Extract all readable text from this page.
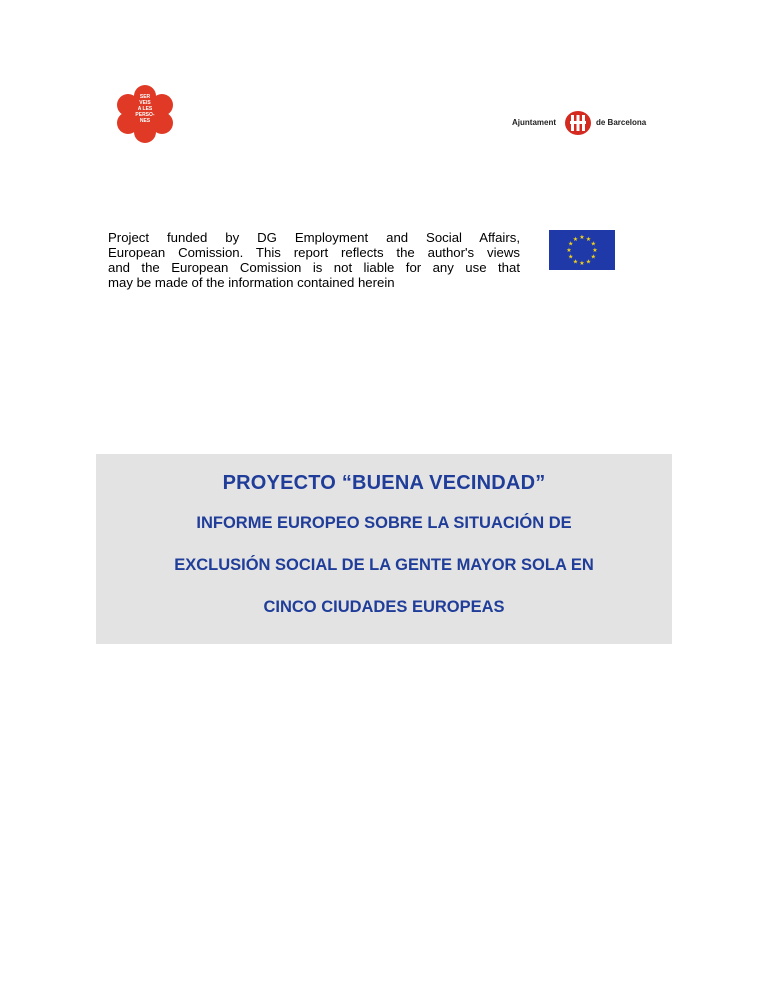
SER
VEIS
A LES
PERSO-
NES	Ajuntament	de Barcelona
Project funded by DG Employment and Social Affairs,
European Comission. This report reflects the author's views
and the European Comission is not liable for any use that
may be made of the information contained herein
★ ★
★
★
★
★
★
★
★
★
★
★
PROYECTO “BUENA VECINDAD”
INFORME EUROPEO SOBRE LA SITUACIÓN DE
EXCLUSIÓN SOCIAL DE LA GENTE MAYOR SOLA EN
CINCO CIUDADES EUROPEAS
